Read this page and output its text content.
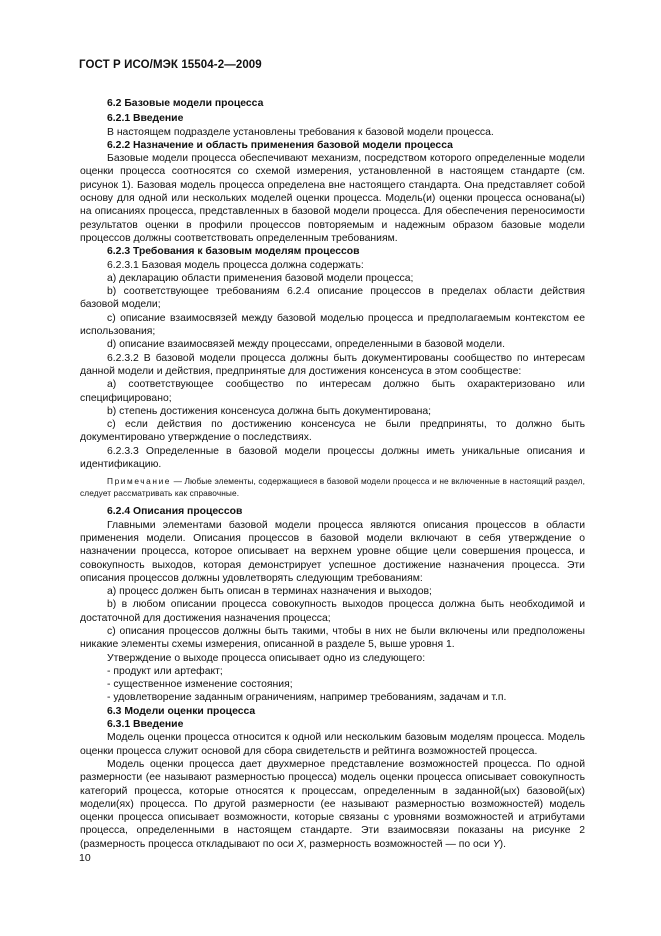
ГОСТ Р ИСО/МЭК 15504-2—2009

6.2 Базовые модели процесса

6.2.1 Введение

В настоящем подразделе установлены требования к базовой модели процесса.

6.2.2 Назначение и область применения базовой модели процесса

Базовые модели процесса обеспечивают механизм, посредством которого определенные модели оценки процесса соотносятся со схемой измерения, установленной в настоящем стандарте (см. рисунок 1). Базовая модель процесса определена вне настоящего стандарта. Она представляет собой основу для одной или нескольких моделей оценки процесса. Модель(и) оценки процесса основана(ы) на описаниях процесса, представленных в базовой модели процесса. Для обеспечения переносимости результатов оценки в профили процессов повторяемым и надежным образом базовые модели процессов должны соответствовать определенным требованиям.

6.2.3 Требования к базовым моделям процессов

6.2.3.1 Базовая модель процесса должна содержать:

a) декларацию области применения базовой модели процесса;

b) соответствующее требованиям 6.2.4 описание процессов в пределах области действия базовой модели;

c) описание взаимосвязей между базовой моделью процесса и предполагаемым контекстом ее использования;

d) описание взаимосвязей между процессами, определенными в базовой модели.

6.2.3.2 В базовой модели процесса должны быть документированы сообщество по интересам данной модели и действия, предпринятые для достижения консенсуса в этом сообществе:

a) соответствующее сообщество по интересам должно быть охарактеризовано или специфицировано;

b) степень достижения консенсуса должна быть документирована;

c) если действия по достижению консенсуса не были предприняты, то должно быть документировано утверждение о последствиях.

6.2.3.3 Определенные в базовой модели процессы должны иметь уникальные описания и идентификацию.

Примечание — Любые элементы, содержащиеся в базовой модели процесса и не включенные в настоящий раздел, следует рассматривать как справочные.

6.2.4 Описания процессов

Главными элементами базовой модели процесса являются описания процессов в области применения модели. Описания процессов в базовой модели включают в себя утверждение о назначении процесса, которое описывает на верхнем уровне общие цели совершения процесса, и совокупность выходов, которая демонстрирует успешное достижение назначения процесса. Эти описания процессов должны удовлетворять следующим требованиям:

a) процесс должен быть описан в терминах назначения и выходов;

b) в любом описании процесса совокупность выходов процесса должна быть необходимой и достаточной для достижения назначения процесса;

c) описания процессов должны быть такими, чтобы в них не были включены или предположены никакие элементы схемы измерения, описанной в разделе 5, выше уровня 1.

Утверждение о выходе процесса описывает одно из следующего:

- продукт или артефакт;

- существенное изменение состояния;

- удовлетворение заданным ограничениям, например требованиям, задачам и т.п.

6.3 Модели оценки процесса

6.3.1 Введение

Модель оценки процесса относится к одной или нескольким базовым моделям процесса. Модель оценки процесса служит основой для сбора свидетельств и рейтинга возможностей процесса.

Модель оценки процесса дает двухмерное представление возможностей процесса. По одной размерности (ее называют размерностью процесса) модель оценки процесса описывает совокупность категорий процесса, которые относятся к процессам, определенным в заданной(ых) базовой(ых) модели(ях) процесса. По другой размерности (ее называют размерностью возможностей) модель оценки процесса описывает возможности, которые связаны с уровнями возможностей и атрибутами процесса, определенными в настоящем стандарте. Эти взаимосвязи показаны на рисунке 2 (размерность процесса откладывают по оси X, размерность возможностей — по оси Y).

10
